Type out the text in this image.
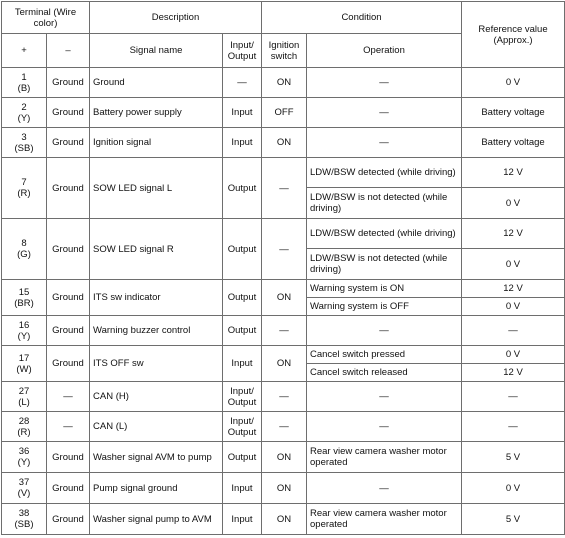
Terminal (Wire color)		Description		Condition		Reference value (Approx.)
+	–	Signal name	Input/ Output	Ignition switch	Operation	

1
(B)	Ground	Ground	—	ON	—	0 V

2
(Y)	Ground	Battery power supply	Input	OFF	—	Battery voltage

3
(SB)	Ground	Ignition signal	Input	ON	—	Battery voltage

7
(R)	Ground	SOW LED signal L	Output	—	LDW/BSW detected (while driving)	12 V
					LDW/BSW is not detected (while driving)	0 V

8
(G)	Ground	SOW LED signal R	Output	—	LDW/BSW detected (while driving)	12 V
					LDW/BSW is not detected (while driving)	0 V

15
(BR)	Ground	ITS sw indicator	Output	ON	Warning system is ON	12 V
					Warning system is OFF	0 V

16
(Y)	Ground	Warning buzzer control	Output	—	—	—

17
(W)	Ground	ITS OFF sw	Input	ON	Cancel switch pressed	0 V
					Cancel switch released	12 V

27
(L)	—	CAN (H)	Input/ Output	—	—	—

28
(R)	—	CAN (L)	Input/ Output	—	—	—

36
(Y)	Ground	Washer signal AVM to pump	Output	ON	Rear view camera washer motor operated	5 V

37
(V)	Ground	Pump signal ground	Input	ON	—	0 V

38
(SB)	Ground	Washer signal pump to AVM	Input	ON	Rear view camera washer motor operated	5 V
